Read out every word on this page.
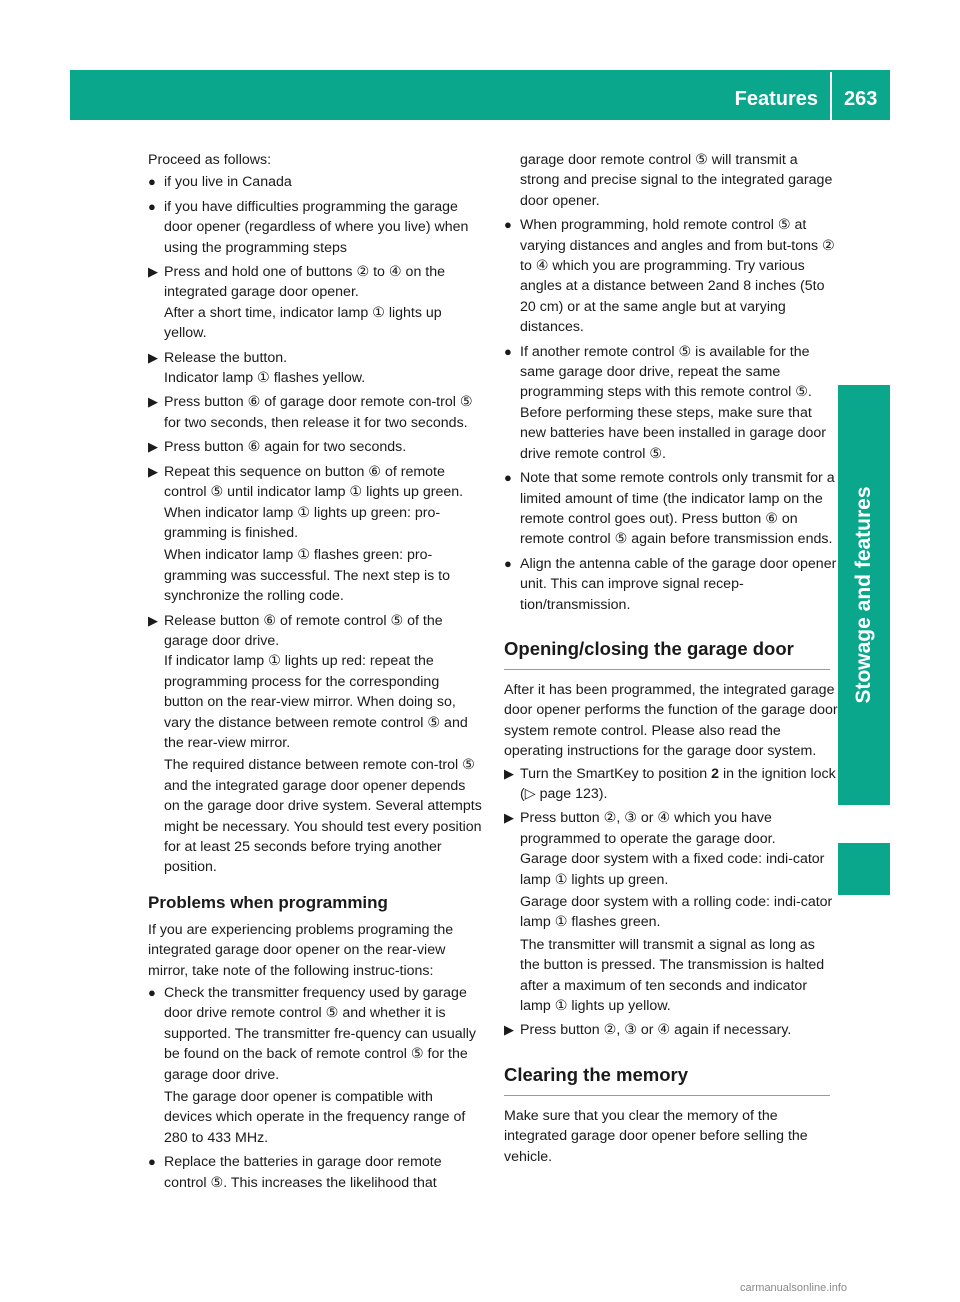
Features 263
Stowage and features

Proceed as follows:

● if you live in Canada

● if you have difficulties programming the garage door opener (regardless of where you live) when using the programming steps

▶ Press and hold one of buttons ② to ④ on the integrated garage door opener.

After a short time, indicator lamp ① lights up yellow.

▶ Release the button.

Indicator lamp ① flashes yellow.

▶ Press button ⑥ of garage door remote con-trol ⑤ for two seconds, then release it for two seconds.

▶ Press button ⑥ again for two seconds.

▶ Repeat this sequence on button ⑥ of remote control ⑤ until indicator lamp ① lights up green.

When indicator lamp ① lights up green: pro-gramming is finished.

When indicator lamp ① flashes green: pro-gramming was successful. The next step is to synchronize the rolling code.

▶ Release button ⑥ of remote control ⑤ of the garage door drive.

If indicator lamp ① lights up red: repeat the programming process for the corresponding button on the rear-view mirror. When doing so, vary the distance between remote control ⑤ and the rear-view mirror.

The required distance between remote con-trol ⑤ and the integrated garage door opener depends on the garage door drive system. Several attempts might be necessary. You should test every position for at least 25 seconds before trying another position.

Problems when programming

If you are experiencing problems programing the integrated garage door opener on the rear-view mirror, take note of the following instruc-tions:

● Check the transmitter frequency used by garage door drive remote control ⑤ and whether it is supported. The transmitter fre-quency can usually be found on the back of remote control ⑤ for the garage door drive.

The garage door opener is compatible with devices which operate in the frequency range of 280 to 433 MHz.

● Replace the batteries in garage door remote control ⑤. This increases the likelihood that

garage door remote control ⑤ will transmit a strong and precise signal to the integrated garage door opener.

● When programming, hold remote control ⑤ at varying distances and angles and from but-tons ② to ④ which you are programming. Try various angles at a distance between 2and 8 inches (5to 20 cm) or at the same angle but at varying distances.

● If another remote control ⑤ is available for the same garage door drive, repeat the same programming steps with this remote control ⑤. Before performing these steps, make sure that new batteries have been installed in garage door drive remote control ⑤.

● Note that some remote controls only transmit for a limited amount of time (the indicator lamp on the remote control goes out). Press button ⑥ on remote control ⑤ again before transmission ends.

● Align the antenna cable of the garage door opener unit. This can improve signal recep-tion/transmission.

Opening/closing the garage door

After it has been programmed, the integrated garage door opener performs the function of the garage door system remote control. Please also read the operating instructions for the garage door system.

▶ Turn the SmartKey to position 2 in the ignition lock (▷ page 123).

▶ Press button ②, ③ or ④ which you have programmed to operate the garage door.

Garage door system with a fixed code: indi-cator lamp ① lights up green.

Garage door system with a rolling code: indi-cator lamp ① flashes green.

The transmitter will transmit a signal as long as the button is pressed. The transmission is halted after a maximum of ten seconds and indicator lamp ① lights up yellow.

▶ Press button ②, ③ or ④ again if necessary.

Clearing the memory

Make sure that you clear the memory of the integrated garage door opener before selling the vehicle.

carmanualsonline.info
